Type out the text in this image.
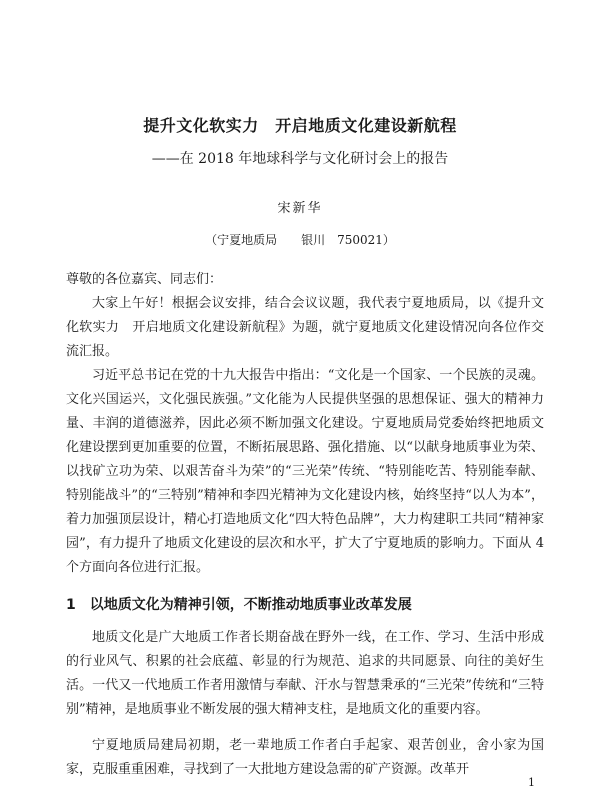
提升文化软实力　开启地质文化建设新航程
——在 2018 年地球科学与文化研讨会上的报告
宋新华
（宁夏地质局　　银川　750021）
尊敬的各位嘉宾、同志们：
大家上午好！根据会议安排，结合会议议题，我代表宁夏地质局，以《提升文化软实力　开启地质文化建设新航程》为题，就宁夏地质文化建设情况向各位作交流汇报。
习近平总书记在党的十九大报告中指出：“文化是一个国家、一个民族的灵魂。文化兴国运兴，文化强民族强。”文化能为人民提供坚强的思想保证、强大的精神力量、丰润的道德滋养，因此必须不断加强文化建设。宁夏地质局党委始终把地质文化建设摆到更加重要的位置，不断拓展思路、强化措施、以“以献身地质事业为荣、以找矿立功为荣、以艰苦奋斗为荣”的“三光荣”传统、“特别能吃苦、特别能奉献、特别能战斗”的“三特别”精神和李四光精神为文化建设内核，始终坚持“以人为本”，着力加强顶层设计，精心打造地质文化“四大特色品牌”，大力构建职工共同“精神家园”，有力提升了地质文化建设的层次和水平，扩大了宁夏地质的影响力。下面从 4 个方面向各位进行汇报。
1　以地质文化为精神引领，不断推动地质事业改革发展
地质文化是广大地质工作者长期奋战在野外一线，在工作、学习、生活中形成的行业风气、积累的社会底蕴、彰显的行为规范、追求的共同愿景、向往的美好生活。一代又一代地质工作者用激情与奉献、汗水与智慧秉承的“三光荣”传统和“三特别”精神，是地质事业不断发展的强大精神支柱，是地质文化的重要内容。
宁夏地质局建局初期，老一辈地质工作者白手起家、艰苦创业，舍小家为国家，克服重重困难，寻找到了一大批地方建设急需的矿产资源。改革开
1
